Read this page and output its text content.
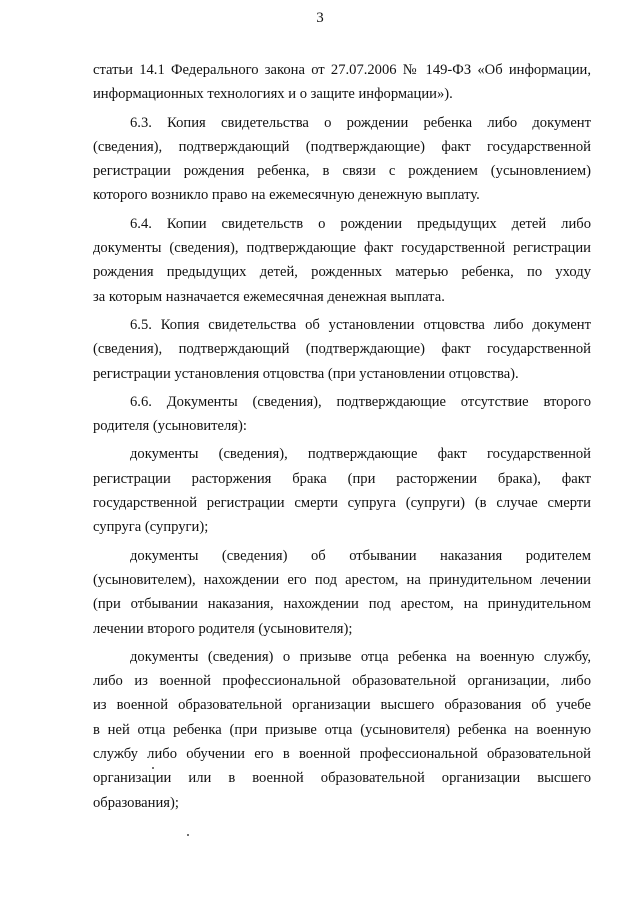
3
статьи 14.1 Федерального закона от 27.07.2006 № 149-ФЗ «Об информации,
информационных технологиях и о защите информации»).
6.3. Копия свидетельства о рождении ребенка либо документ
(сведения), подтверждающий (подтверждающие) факт государственной
регистрации рождения ребенка, в связи с рождением (усыновлением)
которого возникло право на ежемесячную денежную выплату.
6.4. Копии свидетельств о рождении предыдущих детей либо
документы (сведения), подтверждающие факт государственной регистрации
рождения предыдущих детей, рожденных матерью ребенка, по уходу
за которым назначается ежемесячная денежная выплата.
6.5. Копия свидетельства об установлении отцовства либо документ
(сведения), подтверждающий (подтверждающие) факт государственной
регистрации установления отцовства (при установлении отцовства).
6.6. Документы (сведения), подтверждающие отсутствие второго
родителя (усыновителя):
документы (сведения), подтверждающие факт государственной
регистрации расторжения брака (при расторжении брака), факт
государственной регистрации смерти супруга (супруги) (в случае смерти
супруга (супруги);
документы (сведения) об отбывании наказания родителем
(усыновителем), нахождении его под арестом, на принудительном лечении
(при отбывании наказания, нахождении под арестом, на принудительном
лечении второго родителя (усыновителя);
документы (сведения) о призыве отца ребенка на военную службу,
либо из военной профессиональной образовательной организации, либо
из военной образовательной организации высшего образования об учебе
в ней отца ребенка (при призыве отца (усыновителя) ребенка на военную
службу либо обучении его в военной профессиональной образовательной
организации или в военной образовательной организации высшего
образования);
